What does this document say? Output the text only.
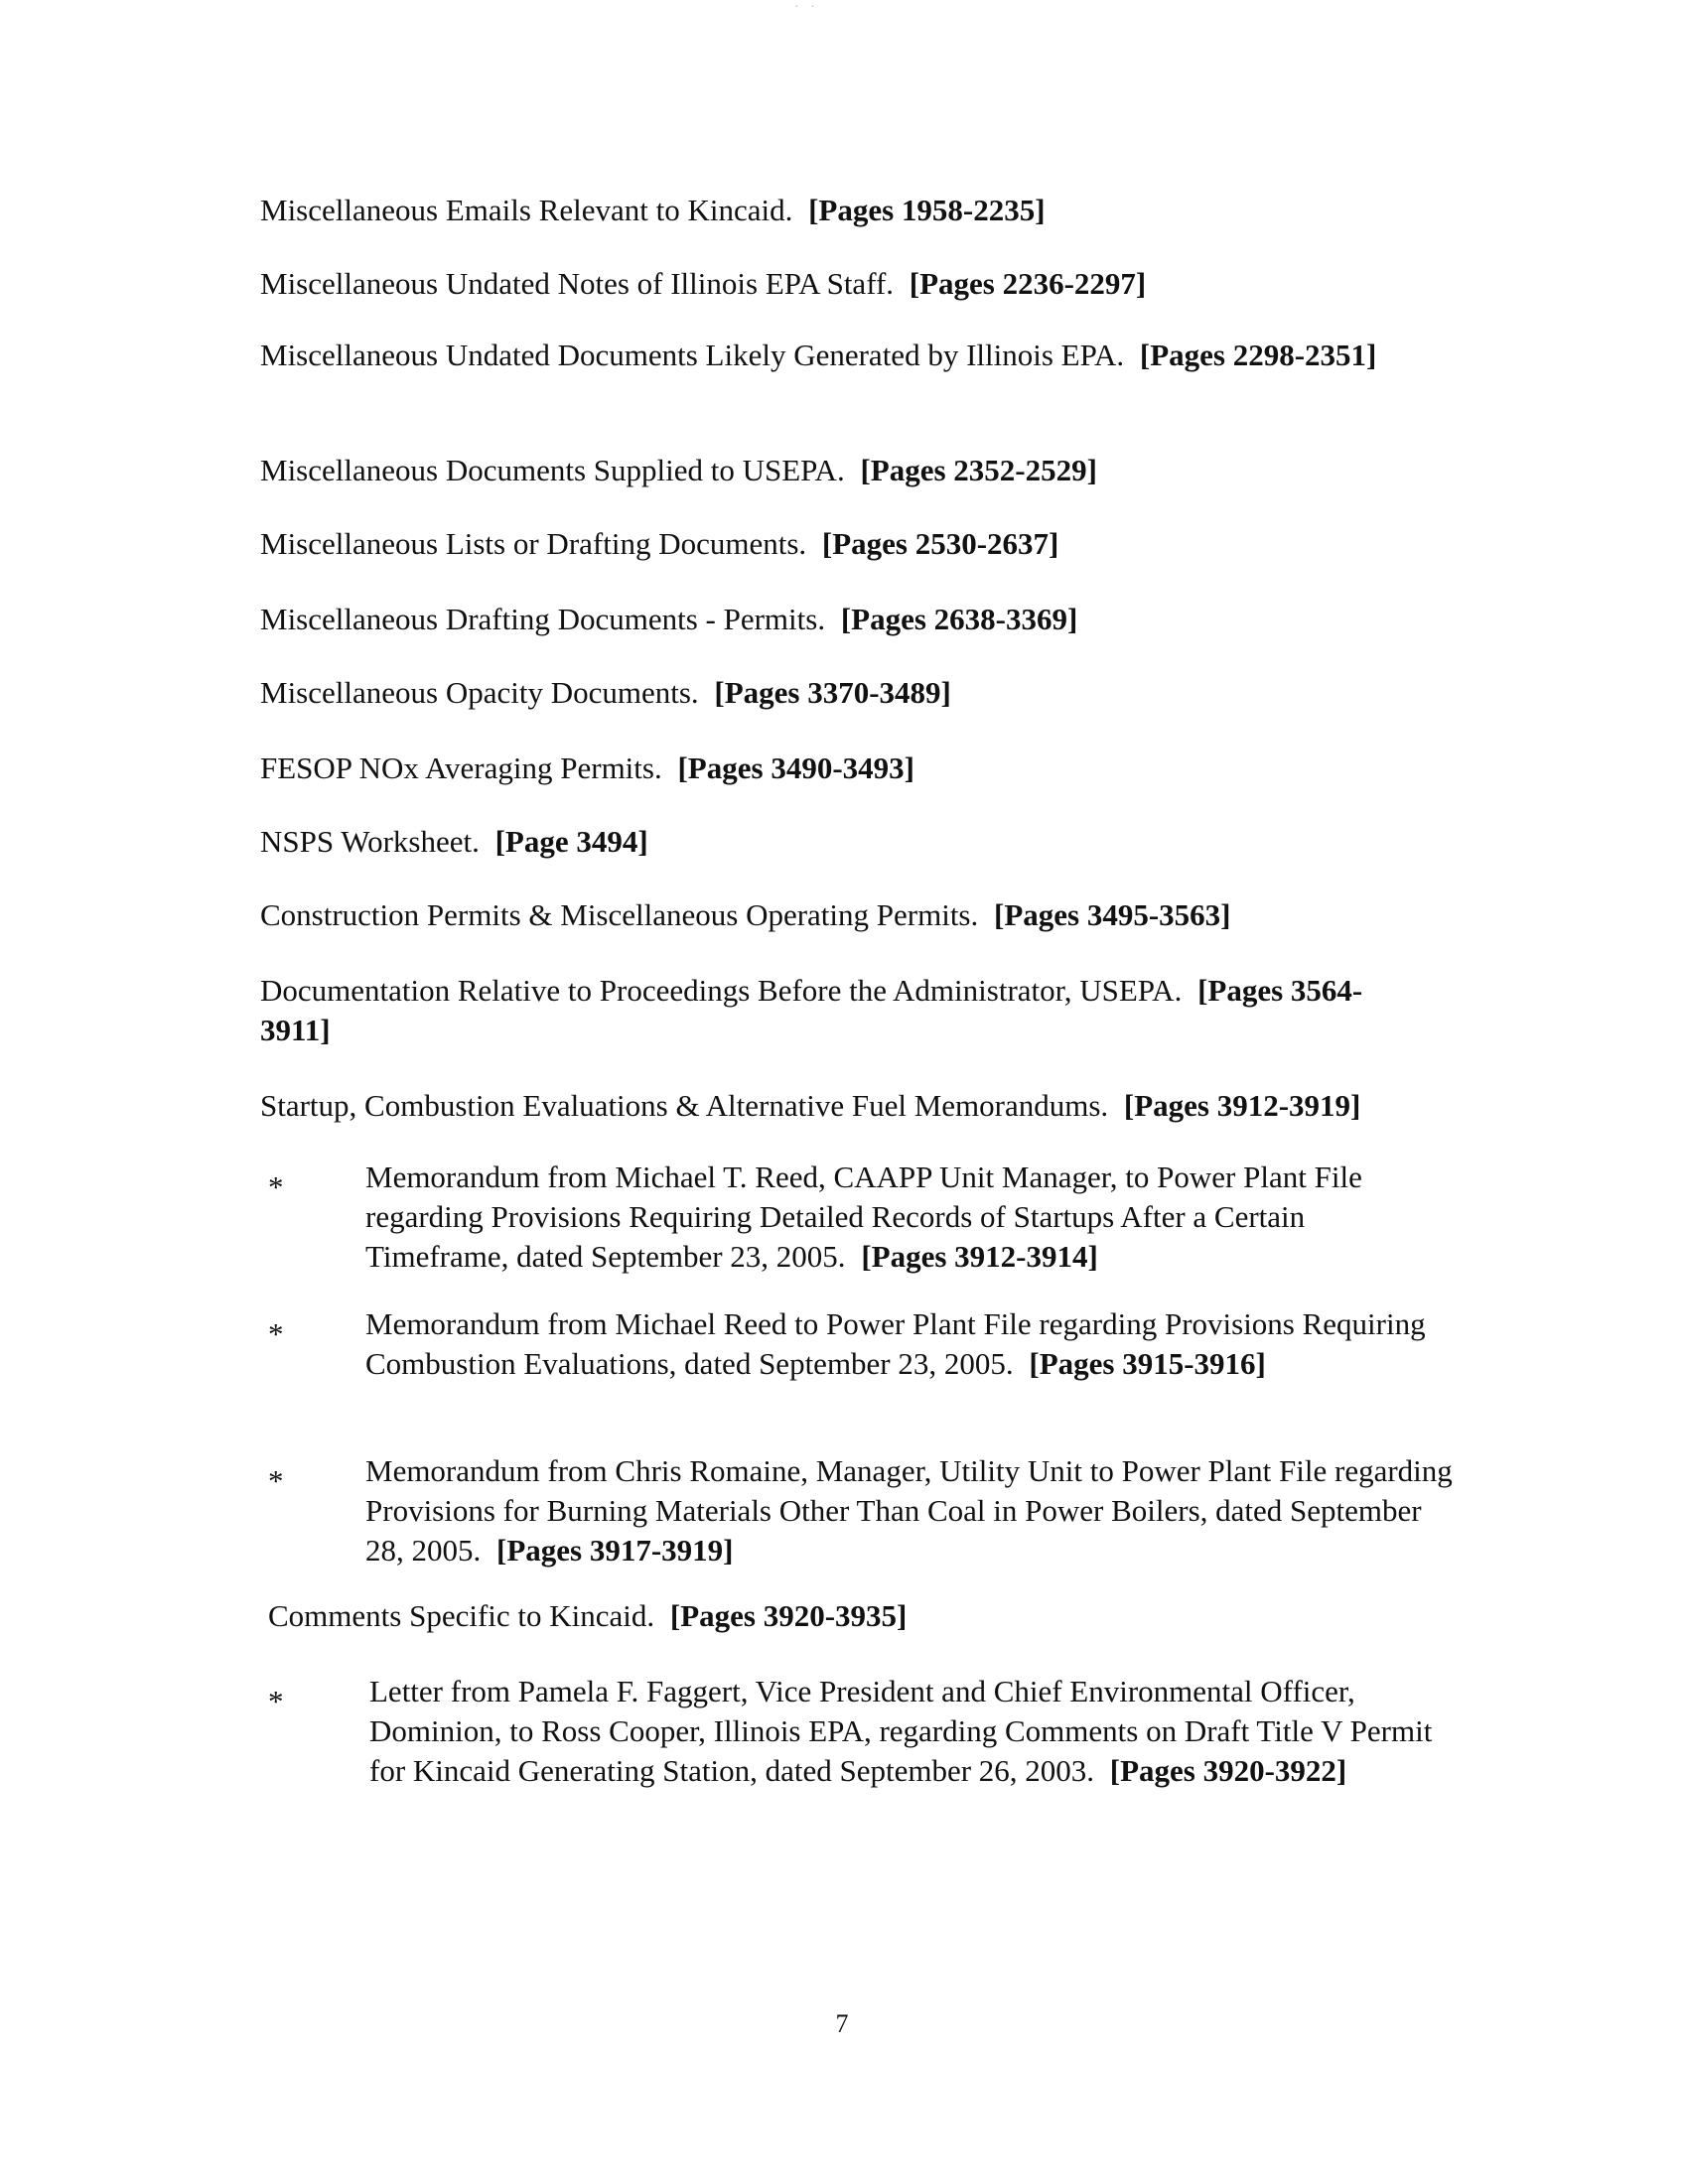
· ·

Miscellaneous Emails Relevant to Kincaid. [Pages 1958-2235]

Miscellaneous Undated Notes of Illinois EPA Staff. [Pages 2236-2297]

Miscellaneous Undated Documents Likely Generated by Illinois EPA. [Pages 2298-2351]

Miscellaneous Documents Supplied to USEPA. [Pages 2352-2529]

Miscellaneous Lists or Drafting Documents. [Pages 2530-2637]

Miscellaneous Drafting Documents - Permits. [Pages 2638-3369]

Miscellaneous Opacity Documents. [Pages 3370-3489]

FESOP NOx Averaging Permits. [Pages 3490-3493]

NSPS Worksheet. [Page 3494]

Construction Permits & Miscellaneous Operating Permits. [Pages 3495-3563]

Documentation Relative to Proceedings Before the Administrator, USEPA. [Pages 3564-3911]

Startup, Combustion Evaluations & Alternative Fuel Memorandums. [Pages 3912-3919]

*	Memorandum from Michael T. Reed, CAAPP Unit Manager, to Power Plant File regarding Provisions Requiring Detailed Records of Startups After a Certain Timeframe, dated September 23, 2005. [Pages 3912-3914]

*	Memorandum from Michael Reed to Power Plant File regarding Provisions Requiring Combustion Evaluations, dated September 23, 2005. [Pages 3915-3916]

*	Memorandum from Chris Romaine, Manager, Utility Unit to Power Plant File regarding Provisions for Burning Materials Other Than Coal in Power Boilers, dated September 28, 2005. [Pages 3917-3919]

Comments Specific to Kincaid. [Pages 3920-3935]

*	Letter from Pamela F. Faggert, Vice President and Chief Environmental Officer, Dominion, to Ross Cooper, Illinois EPA, regarding Comments on Draft Title V Permit for Kincaid Generating Station, dated September 26, 2003. [Pages 3920-3922]

7
